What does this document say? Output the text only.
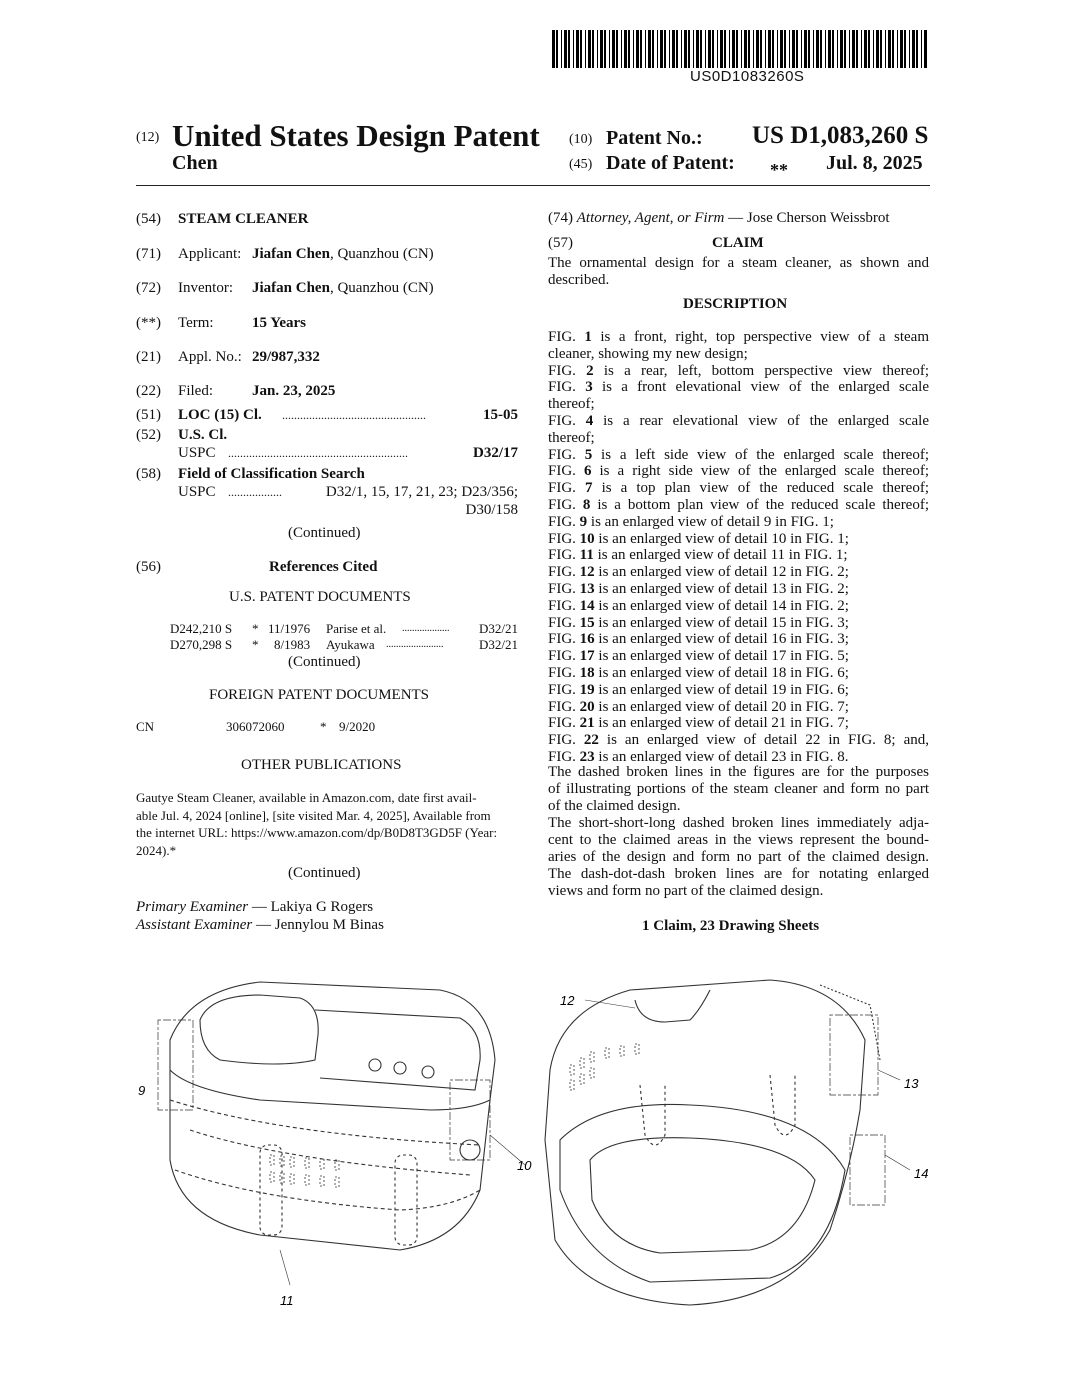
US0D1083260S
(12) United States Design Patent
Chen
(10) Patent No.: US D1,083,260 S
(45) Date of Patent: ** Jul. 8, 2025
(54) STEAM CLEANER
(71) Applicant: Jiafan Chen, Quanzhou (CN)
(72) Inventor: Jiafan Chen, Quanzhou (CN)
(**) Term:	15 Years
(21) Appl. No.: 29/987,332
(22) Filed:	Jan. 23, 2025
(51) LOC (15) Cl. ................................................	15-05
(52) U.S. Cl.
USPC ............................................................	D32/17
(58) Field of Classification Search
USPC ..................	D32/1, 15, 17, 21, 23; D23/356;
D30/158
(Continued)
(56)	References Cited
U.S. PATENT DOCUMENTS
D242,210 S * 11/1976 Parise et al. ................... D32/21
D270,298 S * 8/1983 Ayukawa .......................	D32/21
(Continued)
FOREIGN PATENT DOCUMENTS
CN	306072060	* 9/2020
OTHER PUBLICATIONS
Gautye Steam Cleaner, available in Amazon.com, date first avail-
able Jul. 4, 2024 [online], [site visited Mar. 4, 2025], Available from
the internet URL: https://www.amazon.com/dp/B0D8T3GD5F (Year:
2024).*
(Continued)
Primary Examiner — Lakiya G Rogers
Assistant Examiner — Jennylou M Binas
(74) Attorney, Agent, or Firm — Jose Cherson Weissbrot
(57)	CLAIM
The ornamental design for a steam cleaner, as shown and
described.
DESCRIPTION
FIG. 1 is a front, right, top perspective view of a steam
cleaner, showing my new design;
FIG. 2 is a rear, left, bottom perspective view thereof;
FIG. 3 is a front elevational view of the enlarged scale
thereof;
FIG. 4 is a rear elevational view of the enlarged scale
thereof;
FIG. 5 is a left side view of the enlarged scale thereof;
FIG. 6 is a right side view of the enlarged scale thereof;
FIG. 7 is a top plan view of the reduced scale thereof;
FIG. 8 is a bottom plan view of the reduced scale thereof;
FIG. 9 is an enlarged view of detail 9 in FIG. 1;
FIG. 10 is an enlarged view of detail 10 in FIG. 1;
FIG. 11 is an enlarged view of detail 11 in FIG. 1;
FIG. 12 is an enlarged view of detail 12 in FIG. 2;
FIG. 13 is an enlarged view of detail 13 in FIG. 2;
FIG. 14 is an enlarged view of detail 14 in FIG. 2;
FIG. 15 is an enlarged view of detail 15 in FIG. 3;
FIG. 16 is an enlarged view of detail 16 in FIG. 3;
FIG. 17 is an enlarged view of detail 17 in FIG. 5;
FIG. 18 is an enlarged view of detail 18 in FIG. 6;
FIG. 19 is an enlarged view of detail 19 in FIG. 6;
FIG. 20 is an enlarged view of detail 20 in FIG. 7;
FIG. 21 is an enlarged view of detail 21 in FIG. 7;
FIG. 22 is an enlarged view of detail 22 in FIG. 8; and,
FIG. 23 is an enlarged view of detail 23 in FIG. 8.
The dashed broken lines in the figures are for the purposes
of illustrating portions of the steam cleaner and form no part
of the claimed design.
The short-short-long dashed broken lines immediately adja-
cent to the claimed areas in the views represent the bound-
aries of the design and form no part of the claimed design.
The dash-dot-dash broken lines are for notating enlarged
views and form no part of the claimed design.
1 Claim, 23 Drawing Sheets
9
10
11
12
13
14
